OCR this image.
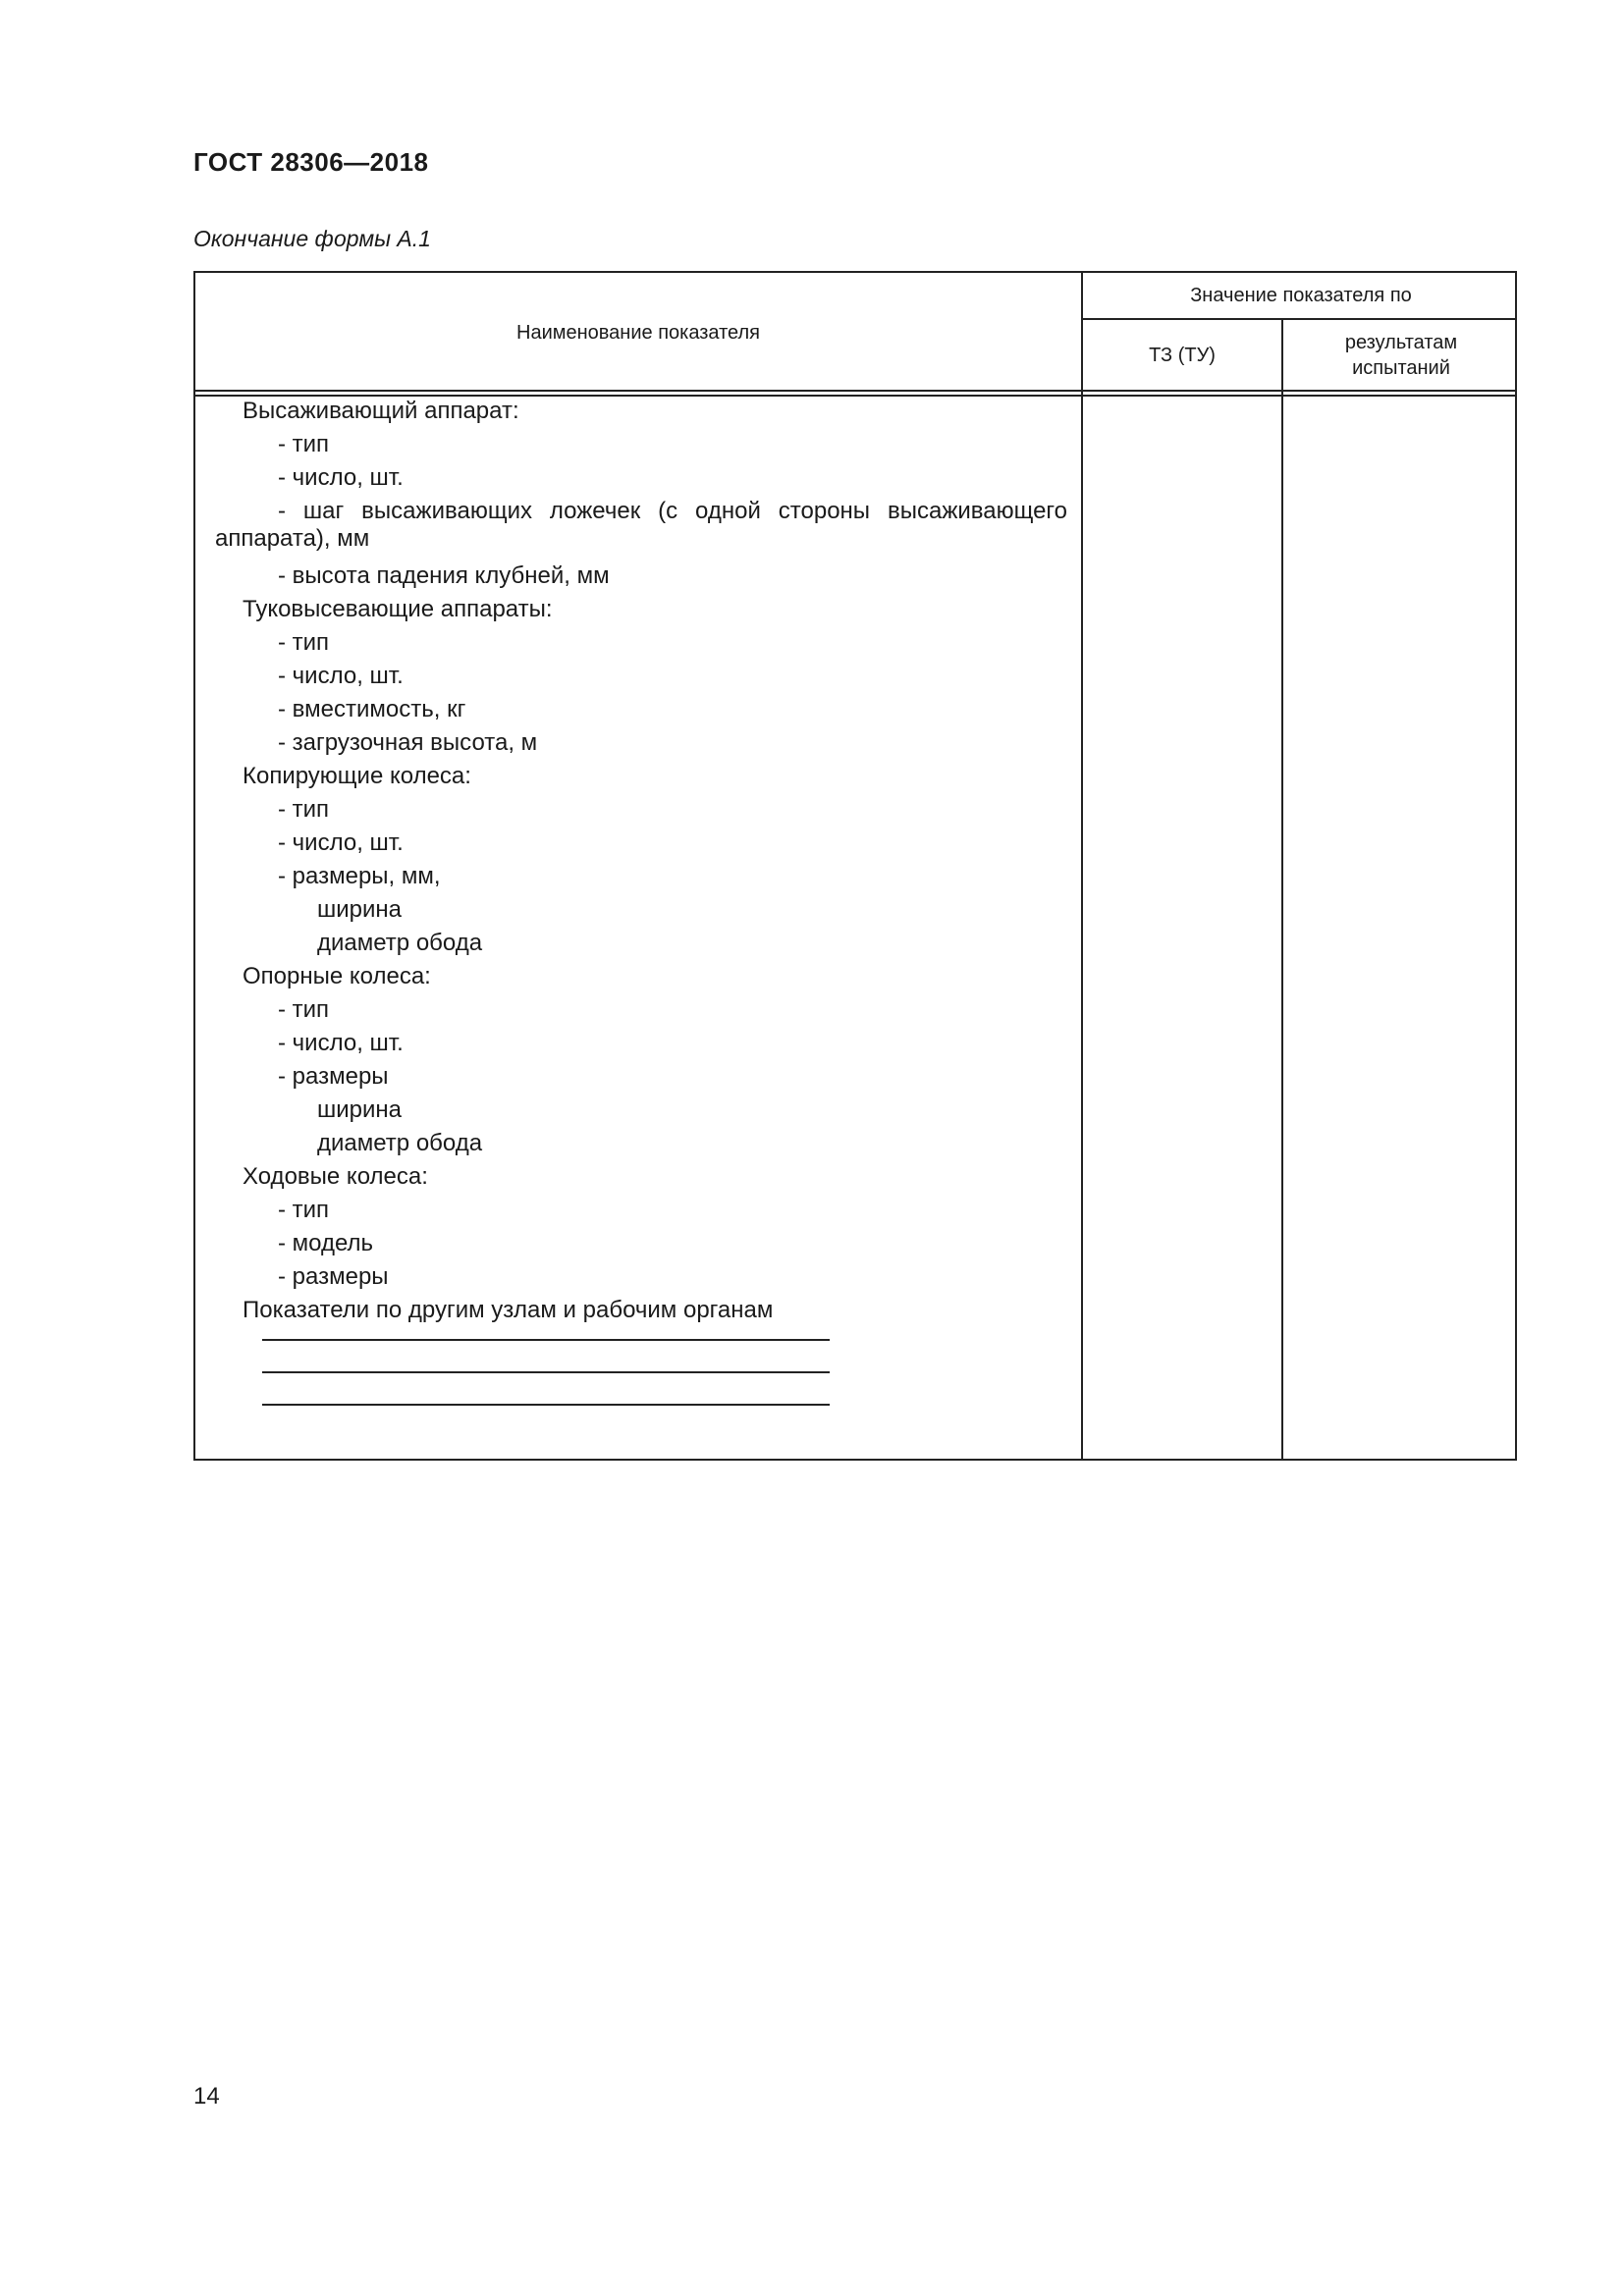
ГОСТ 28306—2018
Окончание формы А.1
Наименование показателя
Значение показателя по
ТЗ (ТУ)
результатам
испытаний
Высаживающий аппарат:
- тип
- число, шт.
- шаг высаживающих ложечек (с одной стороны высаживающего
аппарата), мм
- высота падения клубней, мм
Туковысевающие аппараты:
- тип
- число, шт.
- вместимость, кг
- загрузочная высота, м
Копирующие колеса:
- тип
- число, шт.
- размеры, мм,
ширина
диаметр обода
Опорные колеса:
- тип
- число, шт.
- размеры
ширина
диаметр обода
Ходовые колеса:
- тип
- модель
- размеры
Показатели по другим узлам и рабочим органам
14
